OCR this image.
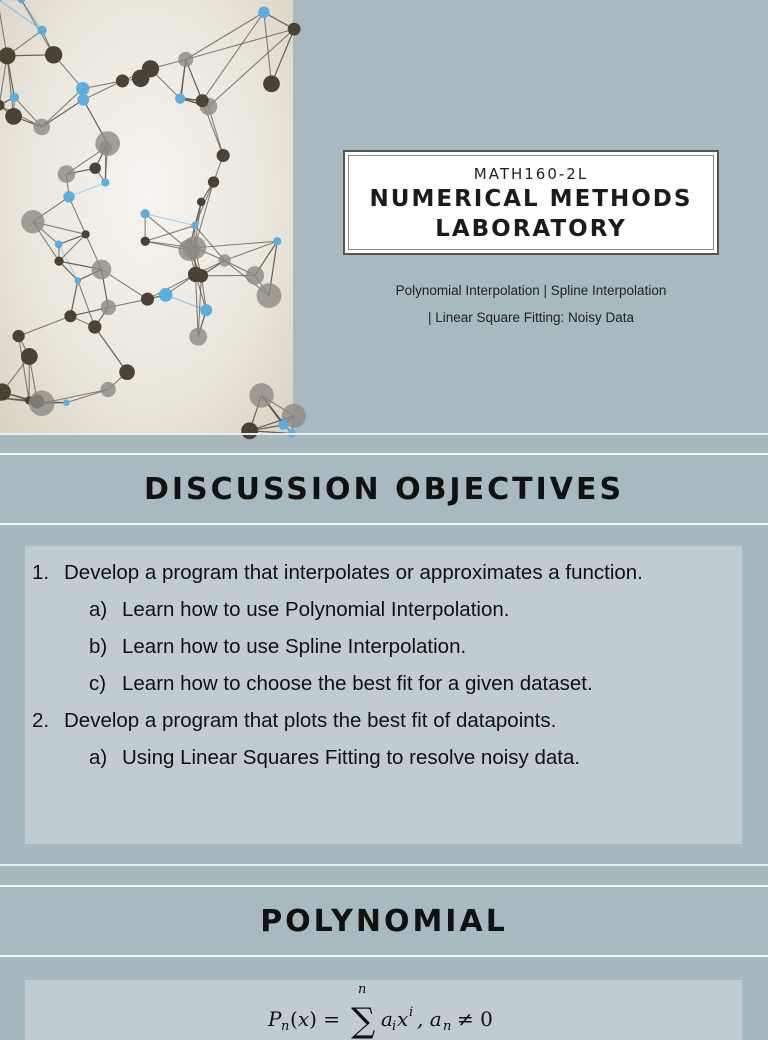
MATH160-2L
NUMERICAL METHODS
LABORATORY
Polynomial Interpolation | Spline Interpolation
| Linear Square Fitting: Noisy Data
DISCUSSION OBJECTIVES
1. Develop a program that interpolates or approximates a function.
a) Learn how to use Polynomial Interpolation.
b) Learn how to use Spline Interpolation.
c) Learn how to choose the best fit for a given dataset.
2. Develop a program that plots the best fit of datapoints.
a) Using Linear Squares Fitting to resolve noisy data.
POLYNOMIAL
P n (x) =
n
∑ a i x i , a n ≠ 0
